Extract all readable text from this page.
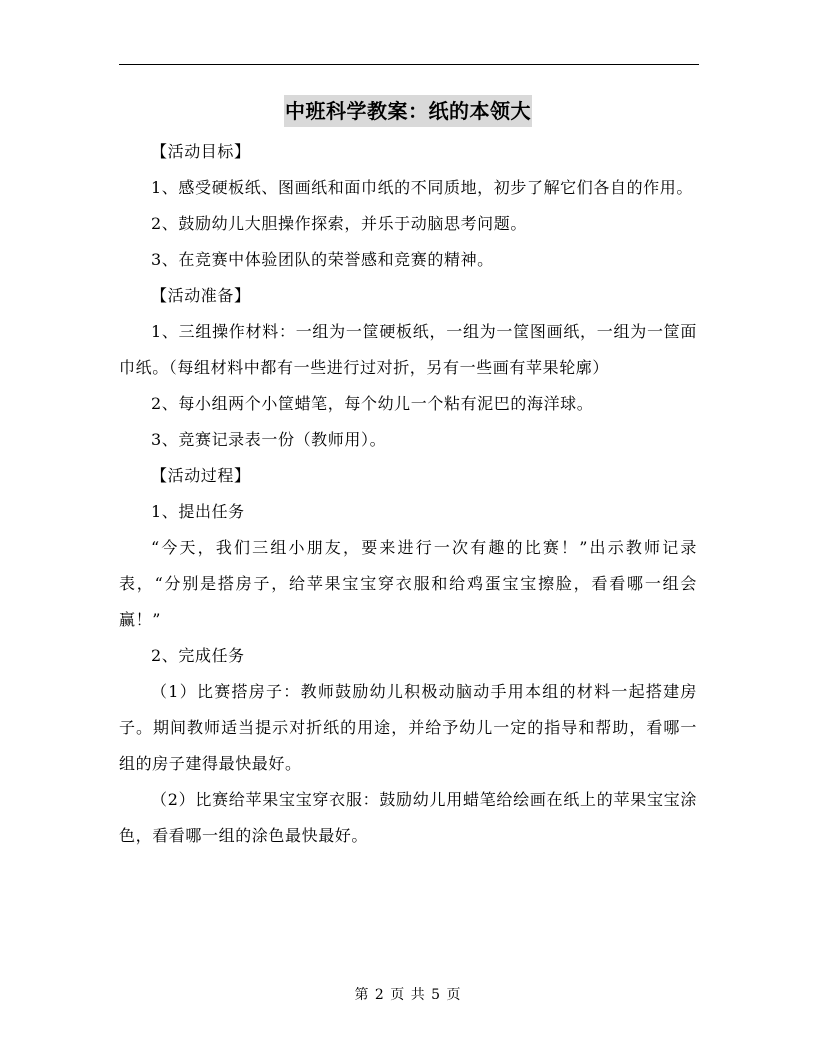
中班科学教案：纸的本领大

【活动目标】

1、感受硬板纸、图画纸和面巾纸的不同质地，初步了解它们各自的作用。

2、鼓励幼儿大胆操作探索，并乐于动脑思考问题。

3、在竞赛中体验团队的荣誉感和竞赛的精神。

【活动准备】

1、三组操作材料：一组为一筐硬板纸，一组为一筐图画纸，一组为一筐面巾纸。（每组材料中都有一些进行过对折，另有一些画有苹果轮廓）

2、每小组两个小筐蜡笔，每个幼儿一个粘有泥巴的海洋球。

3、竞赛记录表一份（教师用）。

【活动过程】

1、提出任务

“今天，我们三组小朋友，要来进行一次有趣的比赛！”出示教师记录表，“分别是搭房子，给苹果宝宝穿衣服和给鸡蛋宝宝擦脸，看看哪一组会赢！”

2、完成任务

（1）比赛搭房子：教师鼓励幼儿积极动脑动手用本组的材料一起搭建房子。期间教师适当提示对折纸的用途，并给予幼儿一定的指导和帮助，看哪一组的房子建得最快最好。

（2）比赛给苹果宝宝穿衣服：鼓励幼儿用蜡笔给绘画在纸上的苹果宝宝涂色，看看哪一组的涂色最快最好。

第 2 页 共 5 页
